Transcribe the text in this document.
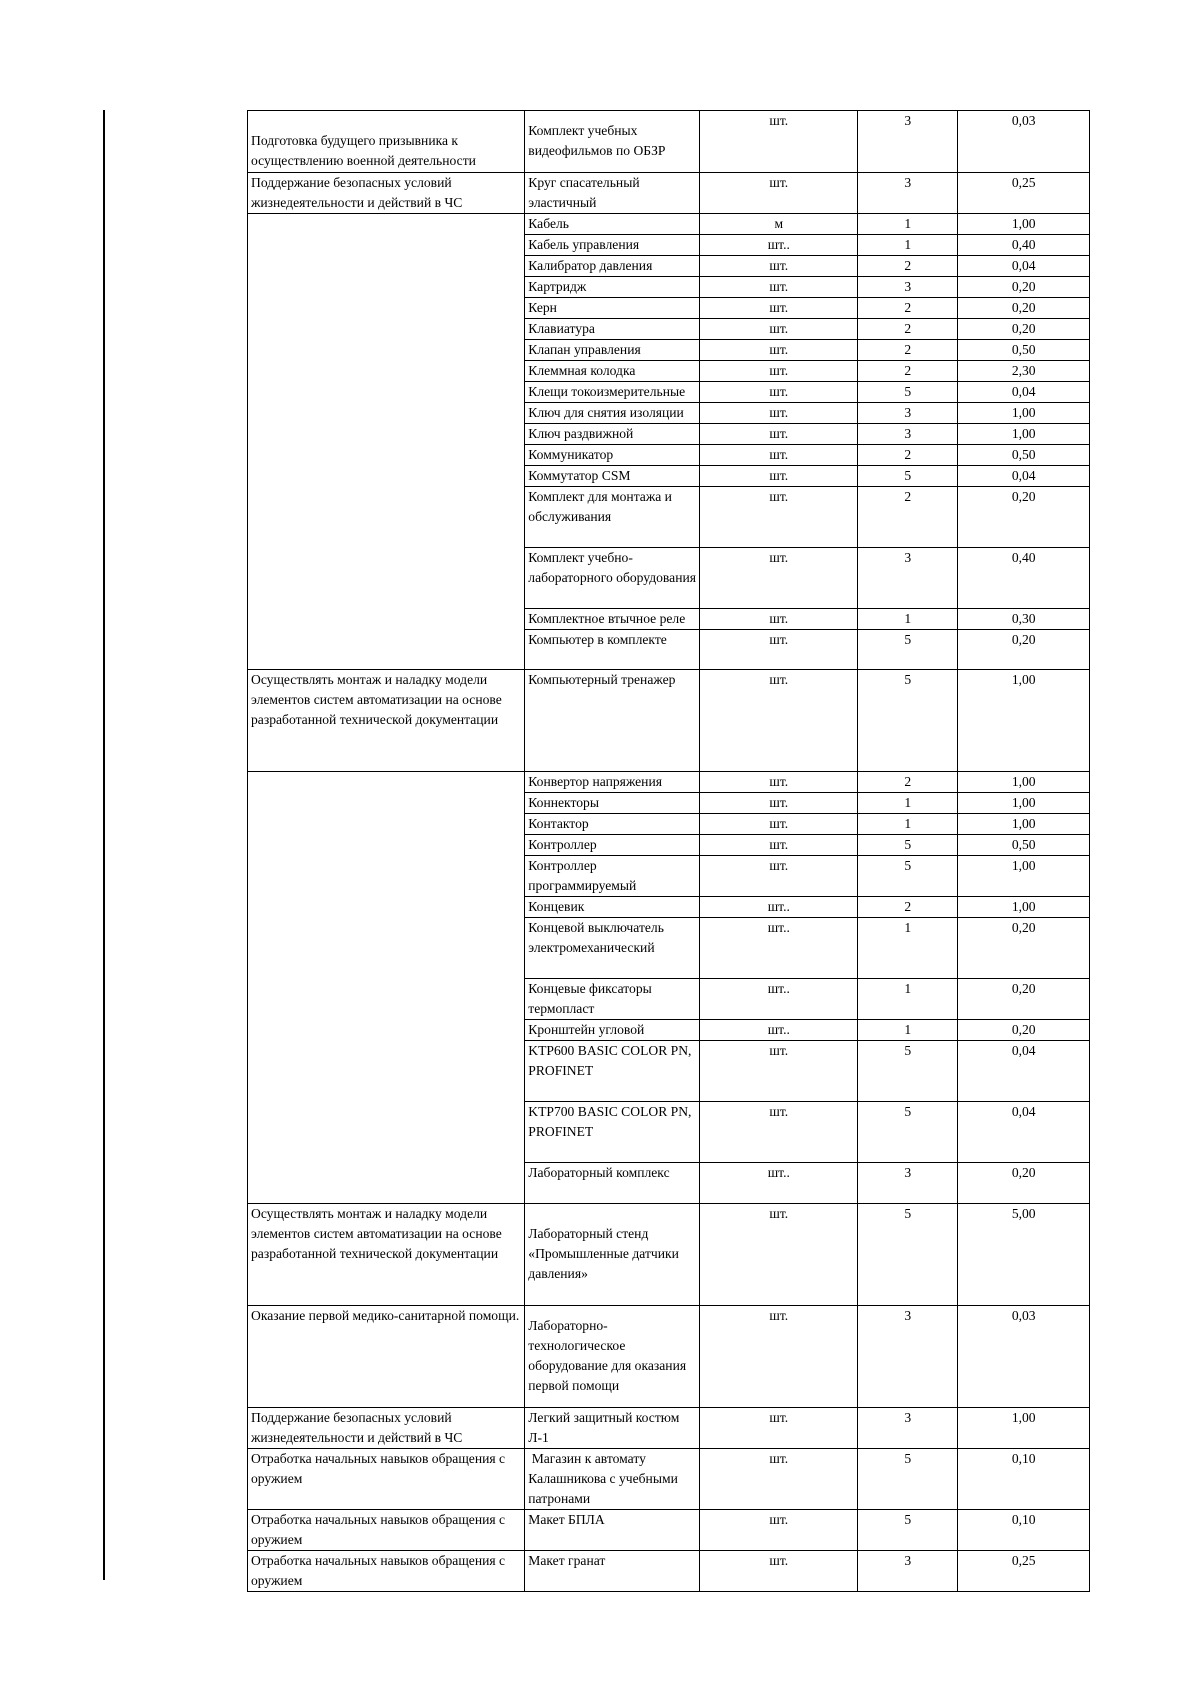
Подготовка будущего призывника к осуществлению военной деятельности	Комплект учебных видеофильмов по ОБЗР	шт.	3	0,03
Поддержание безопасных условий жизнедеятельности и действий в ЧС	Круг спасательный эластичный	шт.	3	0,25

	Кабель	м	1	1,00

	Кабель управления	шт..	1	0,40

	Калибратор давления	шт.	2	0,04

	Картридж	шт.	3	0,20

	Керн	шт.	2	0,20

	Клавиатура	шт.	2	0,20

	Клапан управления	шт.	2	0,50

	Клеммная колодка	шт.	2	2,30

	Клещи токоизмерительные	шт.	5	0,04

	Ключ для снятия изоляции	шт.	3	1,00

	Ключ раздвижной	шт.	3	1,00

	Коммуникатор	шт.	2	0,50

	Коммутатор CSM	шт.	5	0,04
	Комплект для монтажа и обслуживания	шт.	2	0,20
	Комплект учебно-лабораторного оборудования	шт.	3	0,40

	Комплектное втычное реле	шт.	1	0,30

	Компьютер в комплекте	шт.	5	0,20
Осуществлять монтаж и наладку модели элементов систем автоматизации на основе разработанной технической документации	Компьютерный тренажер	шт.	5	1,00

	Конвертор напряжения	шт.	2	1,00

	Коннекторы	шт.	1	1,00

	Контактор	шт.	1	1,00

	Контроллер	шт.	5	0,50
	Контроллер программируемый	шт.	5	1,00

	Концевик	шт..	2	1,00
	Концевой выключатель электромеханический	шт..	1	0,20
	Концевые фиксаторы термопласт	шт..	1	0,20

	Кронштейн угловой	шт..	1	0,20
	KTP600 BASIC COLOR PN, PROFINET	шт.	5	0,04
	KTP700 BASIC COLOR PN, PROFINET	шт.	5	0,04

	Лабораторный комплекс	шт..	3	0,20
Осуществлять монтаж и наладку модели элементов систем автоматизации на основе разработанной технической документации	Лабораторный стенд «Промышленные датчики давления»	шт.	5	5,00
Оказание первой медико-санитарной помощи.	Лабораторно-технологическое оборудование для оказания первой помощи	шт.	3	0,03
Поддержание безопасных условий жизнедеятельности и действий в ЧС	Легкий защитный костюм Л-1	шт.	3	1,00
Отработка начальных навыков обращения с оружием	Магазин к автомату Калашникова с учебными патронами	шт.	5	0,10
Отработка начальных навыков обращения с оружием	Макет БПЛА	шт.	5	0,10
Отработка начальных навыков обращения с оружием	Макет гранат	шт.	3	0,25
